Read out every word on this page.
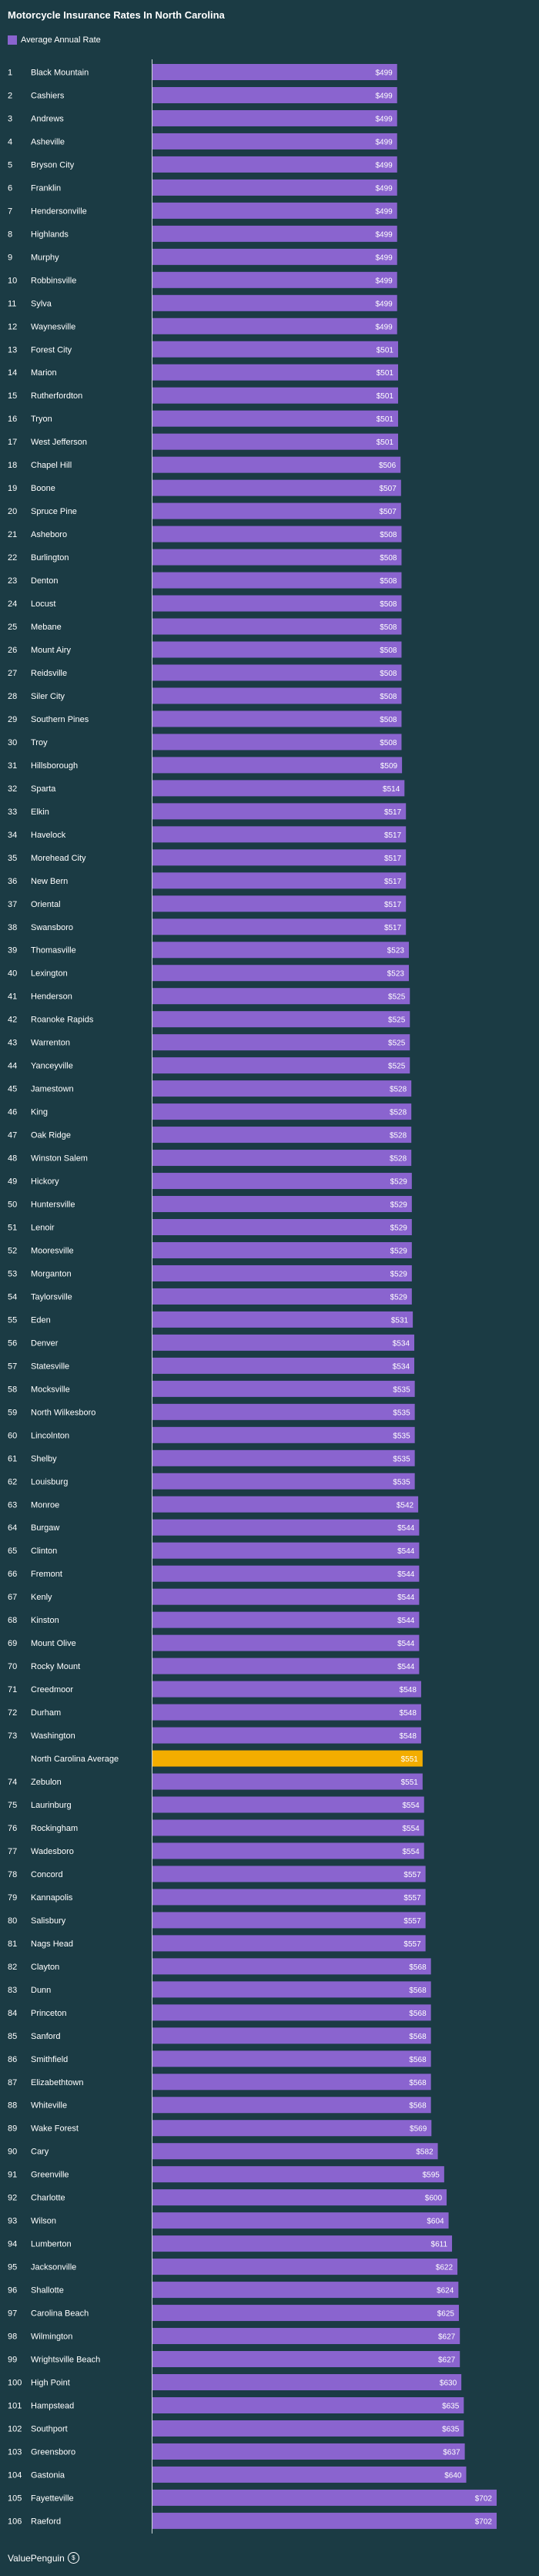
Motorcycle Insurance Rates In North Carolina
Average Annual Rate
1 Black Mountain	$499
2 Cashiers	$499
3 Andrews	$499
4 Asheville	$499
5 Bryson City	$499
6 Franklin	$499
7 Hendersonville	$499
8 Highlands	$499
9 Murphy	$499
10 Robbinsville	$499
11 Sylva	$499
12 Waynesville	$499
13 Forest City	$501
14 Marion	$501
15 Rutherfordton	$501
16 Tryon	$501
17 West Jefferson	$501
18 Chapel Hill	$506
19 Boone	$507
20 Spruce Pine	$507
21 Asheboro	$508
22 Burlington	$508
23 Denton	$508
24 Locust	$508
25 Mebane	$508
26 Mount Airy	$508
27 Reidsville	$508
28 Siler City	$508
29 Southern Pines	$508
30 Troy	$508
31 Hillsborough	$509
32 Sparta	$514
33 Elkin	$517
34 Havelock	$517
35 Morehead City	$517
36 New Bern	$517
37 Oriental	$517
38 Swansboro	$517
39 Thomasville	$523
40 Lexington	$523
41 Henderson	$525
42 Roanoke Rapids	$525
43 Warrenton	$525
44 Yanceyville	$525
45 Jamestown	$528
46 King	$528
47 Oak Ridge	$528
48 Winston Salem	$528
49 Hickory	$529
50 Huntersville	$529
51 Lenoir	$529
52 Mooresville	$529
53 Morganton	$529
54 Taylorsville	$529
55 Eden	$531
56 Denver	$534
57 Statesville	$534
58 Mocksville	$535
59 North Wilkesboro	$535
60 Lincolnton	$535
61 Shelby	$535
62 Louisburg	$535
63 Monroe	$542
64 Burgaw	$544
65 Clinton	$544
66 Fremont	$544
67 Kenly	$544
68 Kinston	$544
69 Mount Olive	$544
70 Rocky Mount	$544
71 Creedmoor	$548
72 Durham	$548
73 Washington	$548
North Carolina Average	$551
74 Zebulon	$551
75 Laurinburg	$554
76 Rockingham	$554
77 Wadesboro	$554
78 Concord	$557
79 Kannapolis	$557
80 Salisbury	$557
81 Nags Head	$557
82 Clayton	$568
83 Dunn	$568
84 Princeton	$568
85 Sanford	$568
86 Smithfield	$568
87 Elizabethtown	$568
88 Whiteville	$568
89 Wake Forest	$569
90 Cary	$582
91 Greenville	$595
92 Charlotte	$600
93 Wilson	$604
94 Lumberton	$611
95 Jacksonville	$622
96 Shallotte	$624
97 Carolina Beach	$625
98 Wilmington	$627
99 Wrightsville Beach	$627
100 High Point	$630
101 Hampstead	$635
102 Southport	$635
103 Greensboro	$637
104 Gastonia	$640
105 Fayetteville	$702
106 Raeford	$702
ValuePenguin	$
